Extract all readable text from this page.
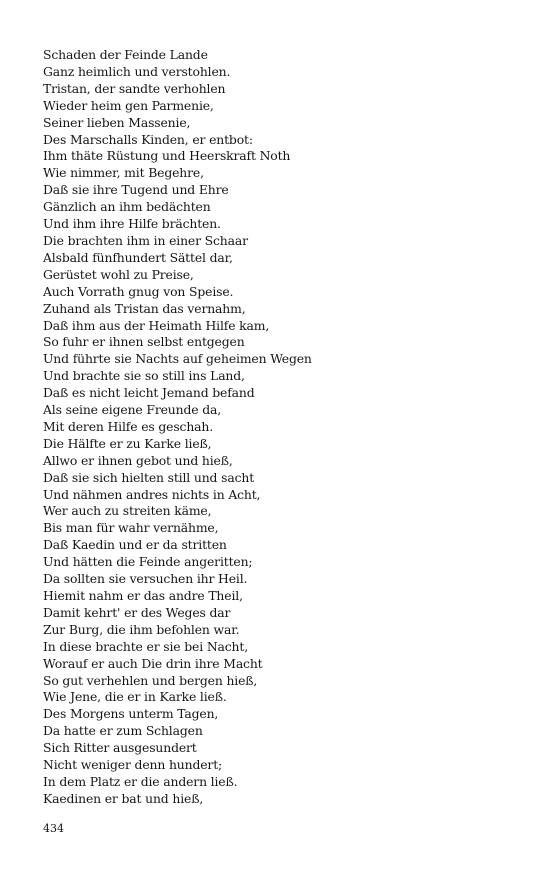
Schaden der Feinde Lande
Ganz heimlich und verstohlen.
Tristan, der sandte verhohlen
Wieder heim gen Parmenie,
Seiner lieben Massenie,
Des Marschalls Kinden, er entbot:
Ihm thäte Rüstung und Heerskraft Noth
Wie nimmer, mit Begehre,
Daß sie ihre Tugend und Ehre
Gänzlich an ihm bedächten
Und ihm ihre Hilfe brächten.
Die brachten ihm in einer Schaar
Alsbald fünfhundert Sättel dar,
Gerüstet wohl zu Preise,
Auch Vorrath gnug von Speise.
Zuhand als Tristan das vernahm,
Daß ihm aus der Heimath Hilfe kam,
So fuhr er ihnen selbst entgegen
Und führte sie Nachts auf geheimen Wegen
Und brachte sie so still ins Land,
Daß es nicht leicht Jemand befand
Als seine eigene Freunde da,
Mit deren Hilfe es geschah.
Die Hälfte er zu Karke ließ,
Allwo er ihnen gebot und hieß,
Daß sie sich hielten still und sacht
Und nähmen andres nichts in Acht,
Wer auch zu streiten käme,
Bis man für wahr vernähme,
Daß Kaedin und er da stritten
Und hätten die Feinde angeritten;
Da sollten sie versuchen ihr Heil.
Hiemit nahm er das andre Theil,
Damit kehrt' er des Weges dar
Zur Burg, die ihm befohlen war.
In diese brachte er sie bei Nacht,
Worauf er auch Die drin ihre Macht
So gut verhehlen und bergen hieß,
Wie Jene, die er in Karke ließ.
Des Morgens unterm Tagen,
Da hatte er zum Schlagen
Sich Ritter ausgesundert
Nicht weniger denn hundert;
In dem Platz er die andern ließ.
Kaedinen er bat und hieß,
434
